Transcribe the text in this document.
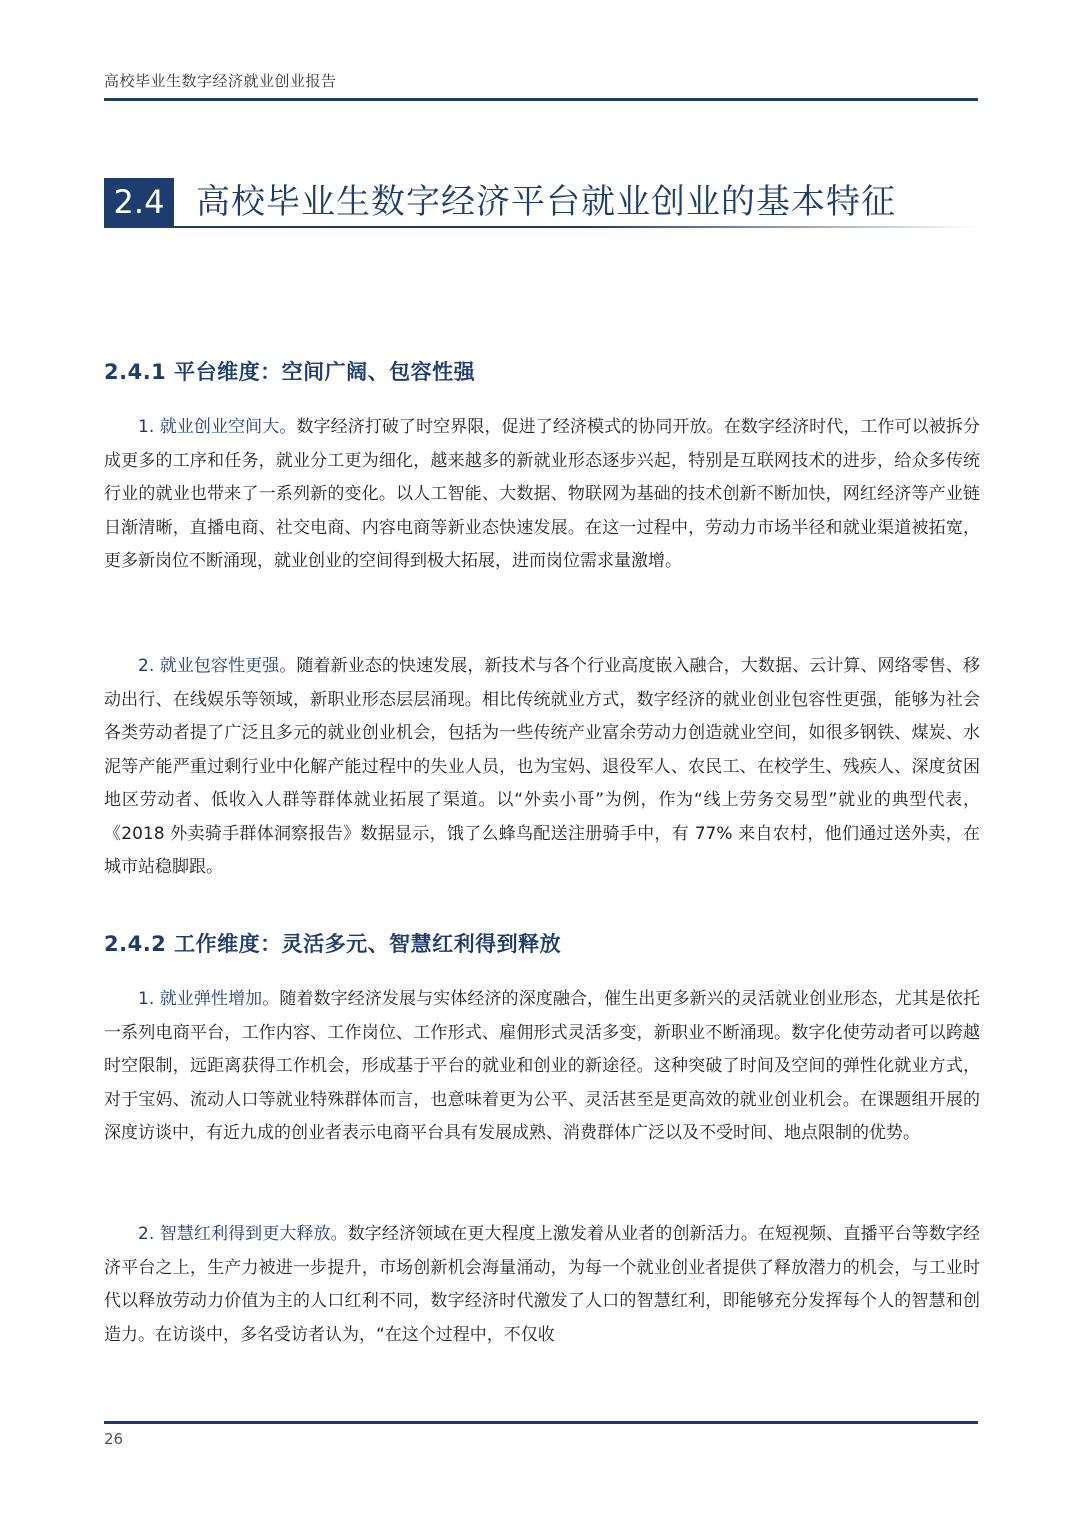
高校毕业生数字经济就业创业报告
2.4 高校毕业生数字经济平台就业创业的基本特征
2.4.1 平台维度：空间广阔、包容性强

1. 就业创业空间大。数字经济打破了时空界限，促进了经济模式的协同开放。在数字经济时代，工作可以被拆分成更多的工序和任务，就业分工更为细化，越来越多的新就业形态逐步兴起，特别是互联网技术的进步，给众多传统行业的就业也带来了一系列新的变化。以人工智能、大数据、物联网为基础的技术创新不断加快，网红经济等产业链日渐清晰，直播电商、社交电商、内容电商等新业态快速发展。在这一过程中，劳动力市场半径和就业渠道被拓宽，更多新岗位不断涌现，就业创业的空间得到极大拓展，进而岗位需求量激增。

2. 就业包容性更强。随着新业态的快速发展，新技术与各个行业高度嵌入融合，大数据、云计算、网络零售、移动出行、在线娱乐等领域，新职业形态层层涌现。相比传统就业方式，数字经济的就业创业包容性更强，能够为社会各类劳动者提了广泛且多元的就业创业机会，包括为一些传统产业富余劳动力创造就业空间，如很多钢铁、煤炭、水泥等产能严重过剩行业中化解产能过程中的失业人员，也为宝妈、退役军人、农民工、在校学生、残疾人、深度贫困地区劳动者、低收入人群等群体就业拓展了渠道。以“外卖小哥”为例，作为“线上劳务交易型”就业的典型代表，《2018 外卖骑手群体洞察报告》数据显示，饿了么蜂鸟配送注册骑手中，有 77% 来自农村，他们通过送外卖，在城市站稳脚跟。

2.4.2 工作维度：灵活多元、智慧红利得到释放

1. 就业弹性增加。随着数字经济发展与实体经济的深度融合，催生出更多新兴的灵活就业创业形态，尤其是依托一系列电商平台，工作内容、工作岗位、工作形式、雇佣形式灵活多变，新职业不断涌现。数字化使劳动者可以跨越时空限制，远距离获得工作机会，形成基于平台的就业和创业的新途径。这种突破了时间及空间的弹性化就业方式，对于宝妈、流动人口等就业特殊群体而言，也意味着更为公平、灵活甚至是更高效的就业创业机会。在课题组开展的深度访谈中，有近九成的创业者表示电商平台具有发展成熟、消费群体广泛以及不受时间、地点限制的优势。

2. 智慧红利得到更大释放。数字经济领域在更大程度上激发着从业者的创新活力。在短视频、直播平台等数字经济平台之上，生产力被进一步提升，市场创新机会海量涌动，为每一个就业创业者提供了释放潜力的机会，与工业时代以释放劳动力价值为主的人口红利不同，数字经济时代激发了人口的智慧红利，即能够充分发挥每个人的智慧和创造力。在访谈中，多名受访者认为，“在这个过程中，不仅收

26
